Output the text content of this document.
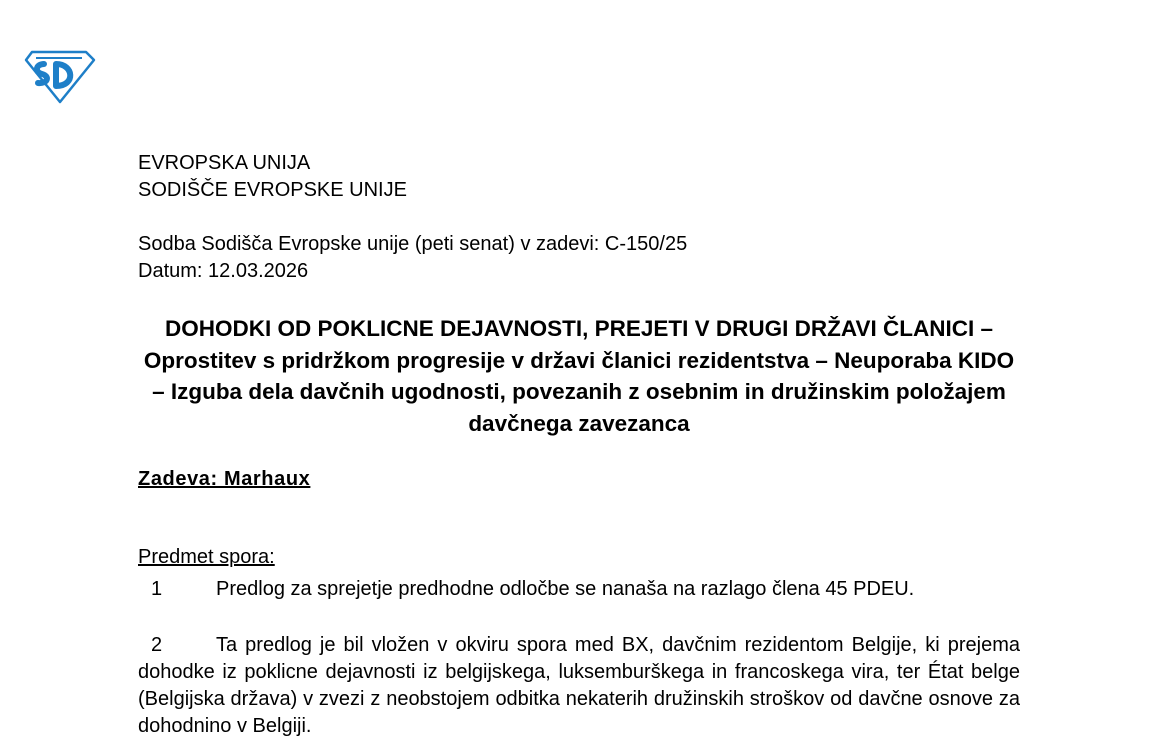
EVROPSKA UNIJA
SODIŠČE EVROPSKE UNIJE
Sodba Sodišča Evropske unije (peti senat) v zadevi: C-150/25
Datum: 12.03.2026
DOHODKI OD POKLICNE DEJAVNOSTI, PREJETI V DRUGI DRŽAVI ČLANICI – Oprostitev s pridržkom progresije v državi članici rezidentstva – Neuporaba KIDO – Izguba dela davčnih ugodnosti, povezanih z osebnim in družinskim položajem davčnega zavezanca
Zadeva: Marhaux
Predmet spora:
1	Predlog za sprejetje predhodne odločbe se nanaša na razlago člena 45 PDEU.
2	Ta predlog je bil vložen v okviru spora med BX, davčnim rezidentom Belgije, ki prejema dohodke iz poklicne dejavnosti iz belgijskega, luksemburškega in francoskega vira, ter État belge (Belgijska država) v zvezi z neobstojem odbitka nekaterih družinskih stroškov od davčne osnove za dohodnino v Belgiji.
